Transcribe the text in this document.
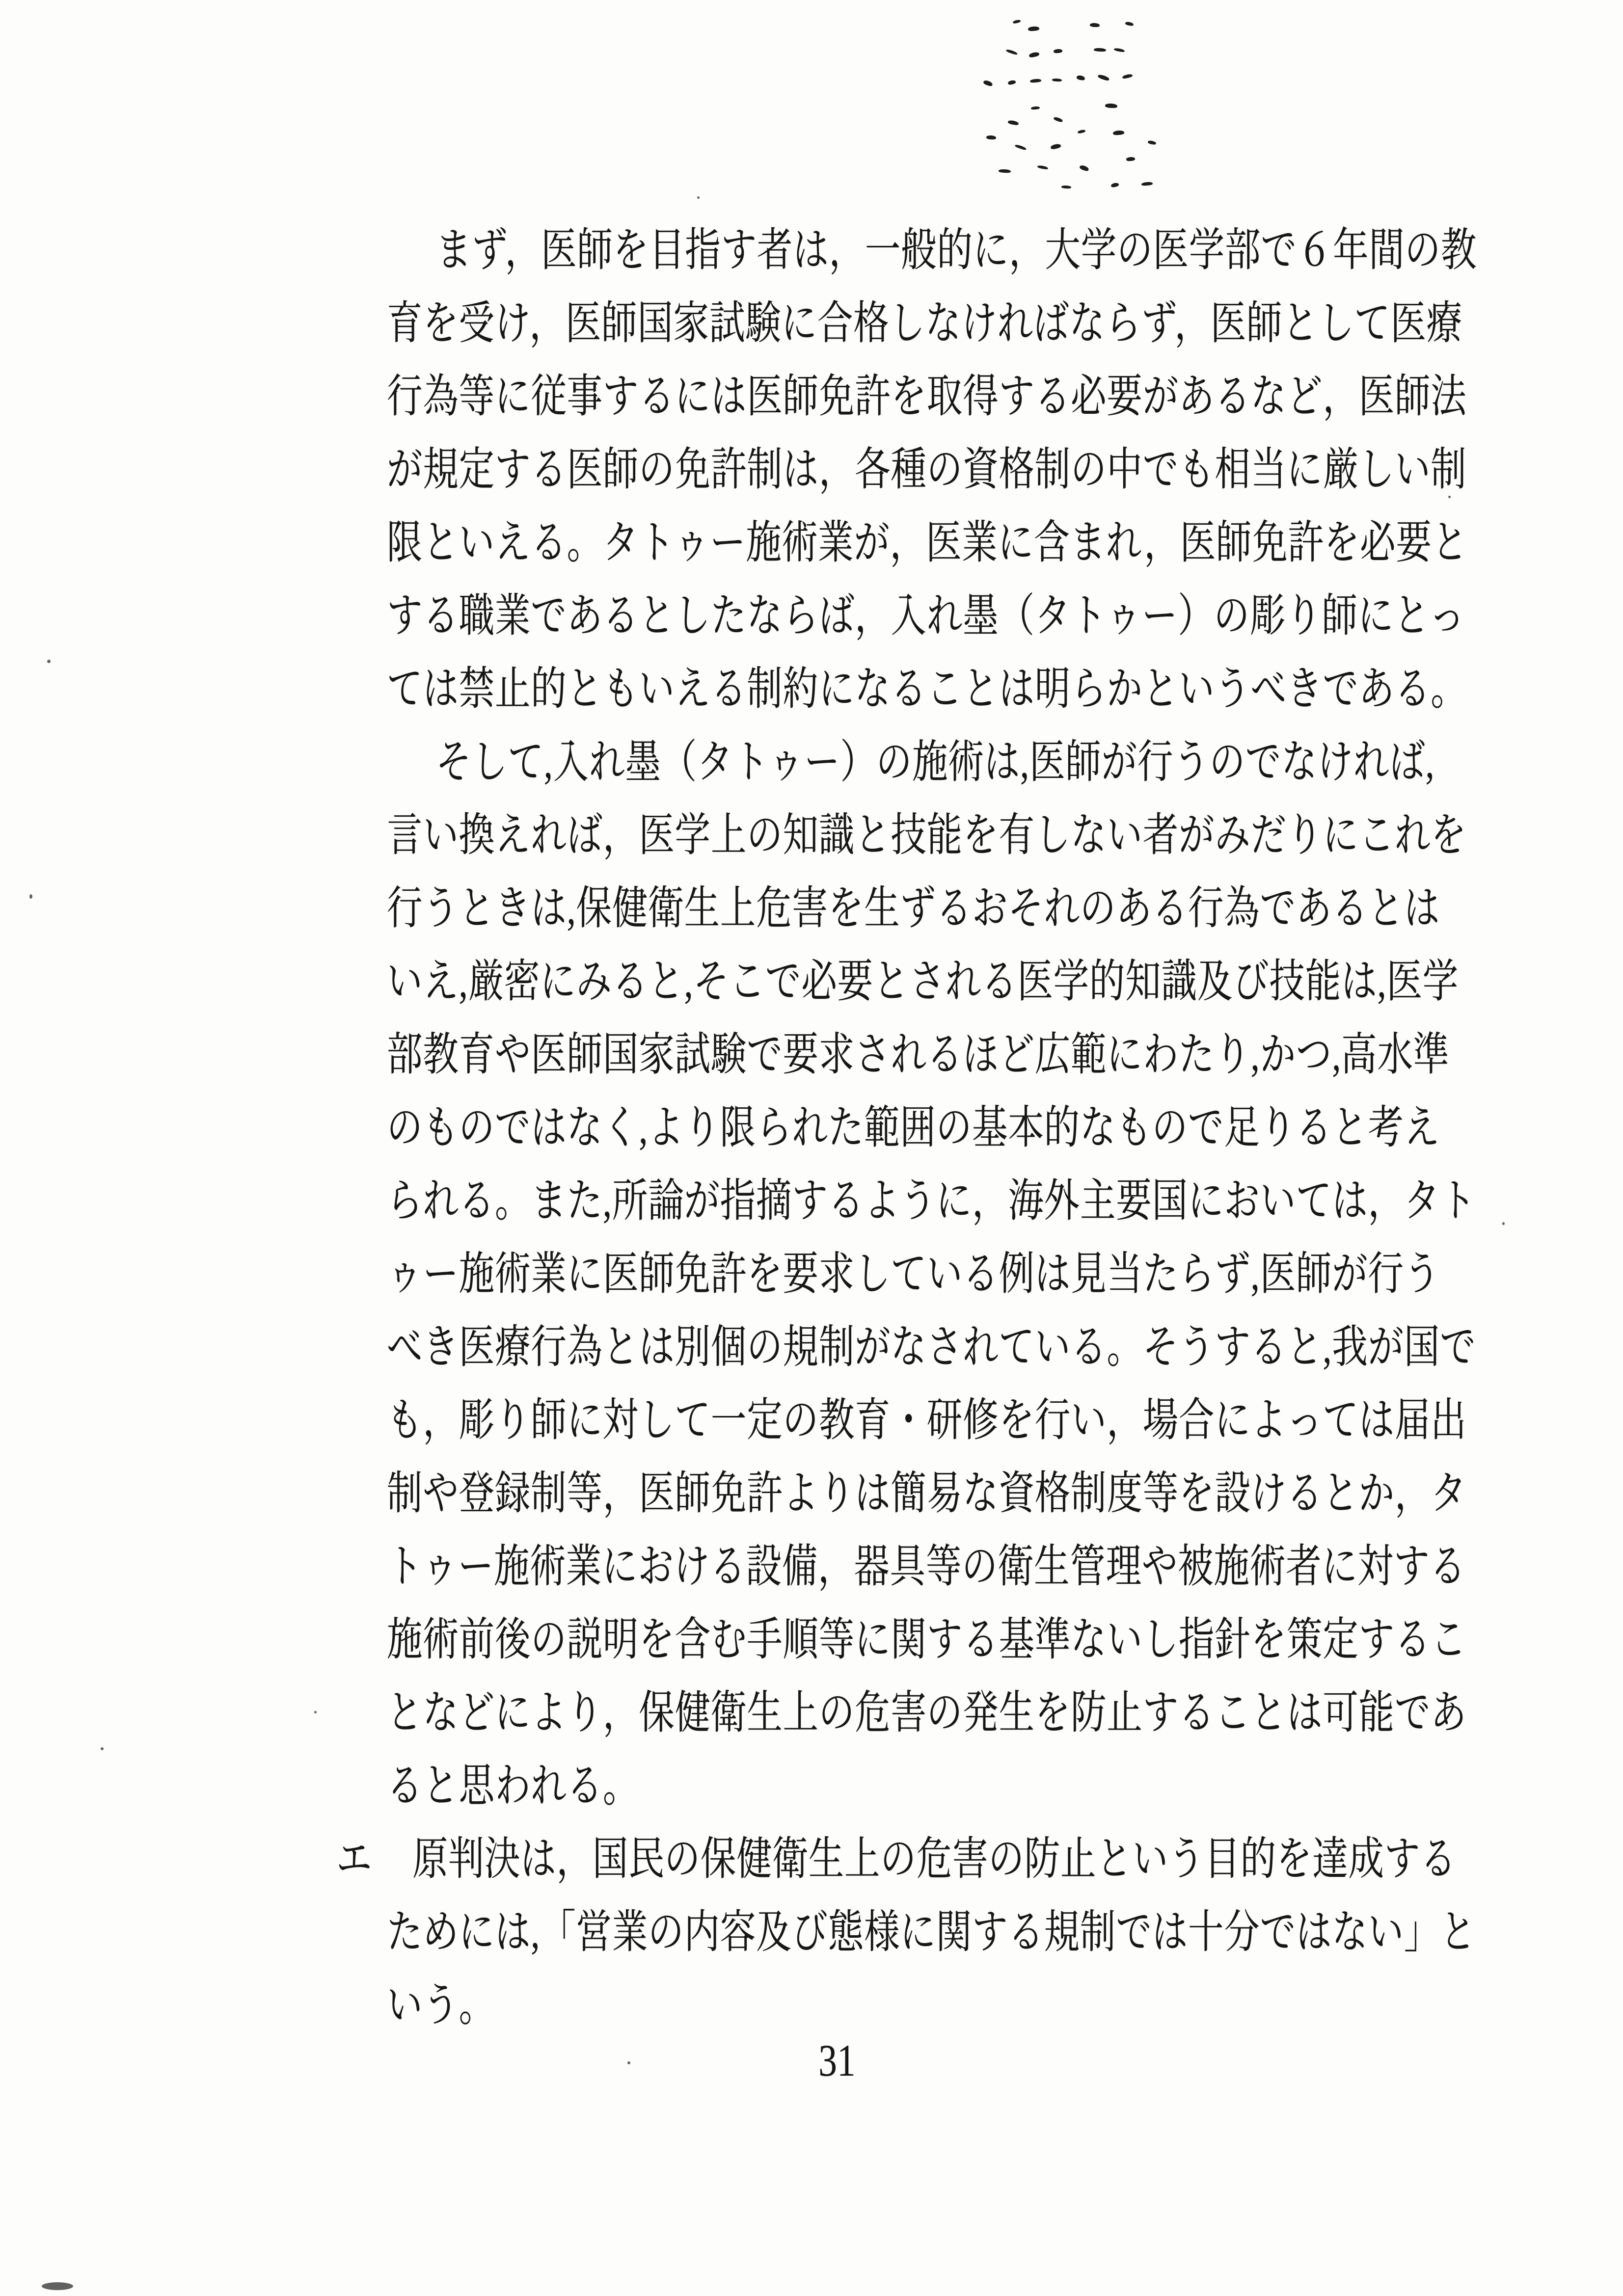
まず，医師を目指す者は，一般的に，大学の医学部で６年間の教
育を受け，医師国家試験に合格しなければならず，医師として医療
行為等に従事するには医師免許を取得する必要があるなど，医師法
が規定する医師の免許制は，各種の資格制の中でも相当に厳しい制
限といえる。タトゥー施術業が，医業に含まれ，医師免許を必要と
する職業であるとしたならば，入れ墨（タトゥー）の彫り師にとっ
ては禁止的ともいえる制約になることは明らかというべきである。
そして,入れ墨（タトゥー）の施術は,医師が行うのでなければ,
言い換えれば，医学上の知識と技能を有しない者がみだりにこれを
行うときは,保健衛生上危害を生ずるおそれのある行為であるとは
いえ,厳密にみると,そこで必要とされる医学的知識及び技能は,医学
部教育や医師国家試験で要求されるほど広範にわたり,かつ,高水準
のものではなく,より限られた範囲の基本的なもので足りると考え
られる。また,所論が指摘するように，海外主要国においては，タト
ゥー施術業に医師免許を要求している例は見当たらず,医師が行う
べき医療行為とは別個の規制がなされている。そうすると,我が国で
も，彫り師に対して一定の教育・研修を行い，場合によっては届出
制や登録制等，医師免許よりは簡易な資格制度等を設けるとか，タ
トゥー施術業における設備，器具等の衛生管理や被施術者に対する
施術前後の説明を含む手順等に関する基準ないし指針を策定するこ
となどにより，保健衛生上の危害の発生を防止することは可能であ
ると思われる。
エ 原判決は，国民の保健衛生上の危害の防止という目的を達成する
ためには,「営業の内容及び態様に関する規制では十分ではない」と
いう。
31
